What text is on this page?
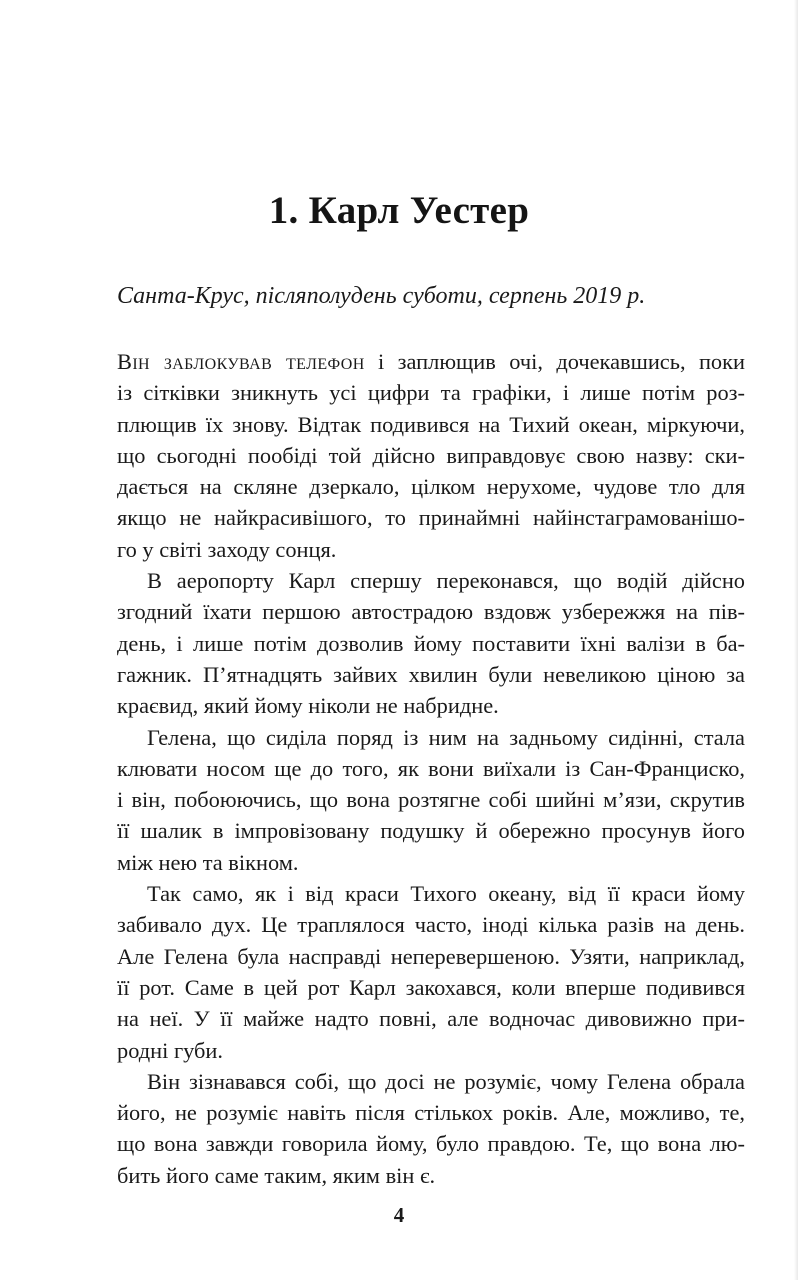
1. Карл Уестер
Санта-Крус, післяполудень суботи, серпень 2019 р.
Він заблокував телефон і заплющив очі, дочекавшись, поки
із сітківки зникнуть усі цифри та графіки, і лише потім роз-
плющив їх знову. Відтак подивився на Тихий океан, міркуючи,
що сьогодні пообіді той дійсно виправдовує свою назву: ски-
дається на скляне дзеркало, цілком нерухоме, чудове тло для
якщо не найкрасивішого, то принаймні найінстаграмованішо-
го у світі заходу сонця.
В аеропорту Карл спершу переконався, що водій дійсно
згодний їхати першою автострадою вздовж узбережжя на пів-
день, і лише потім дозволив йому поставити їхні валізи в ба-
гажник. П’ятнадцять зайвих хвилин були невеликою ціною за
краєвид, який йому ніколи не набридне.
Гелена, що сиділа поряд із ним на задньому сидінні, стала
клювати носом ще до того, як вони виїхали із Сан-Франциско,
і він, побоюючись, що вона розтягне собі шийні м’язи, скрутив
її шалик в імпровізовану подушку й обережно просунув його
між нею та вікном.
Так само, як і від краси Тихого океану, від її краси йому
забивало дух. Це траплялося часто, іноді кілька разів на день.
Але Гелена була насправді неперевершеною. Узяти, наприклад,
її рот. Саме в цей рот Карл закохався, коли вперше подивився
на неї. У її майже надто повні, але водночас дивовижно при-
родні губи.
Він зізнавався собі, що досі не розуміє, чому Гелена обрала
його, не розуміє навіть після стількох років. Але, можливо, те,
що вона завжди говорила йому, було правдою. Те, що вона лю-
бить його саме таким, яким він є.
4
